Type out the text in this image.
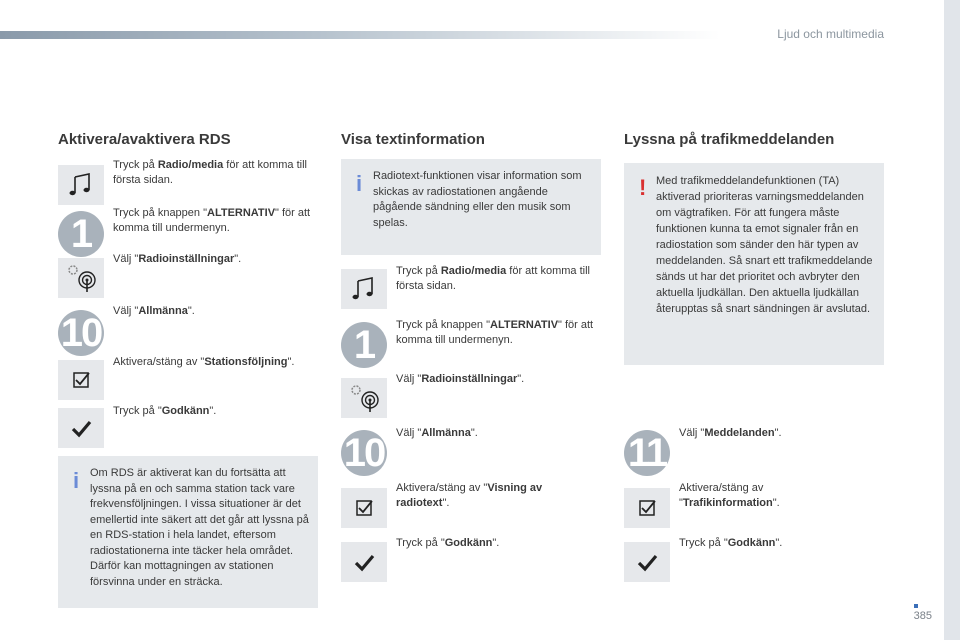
Ljud och multimedia
Aktivera/avaktivera RDS
Tryck på Radio/media för att komma till första sidan.
1	Tryck på knappen "ALTERNATIV" för att komma till undermenyn.
Välj "Radioinställningar".
10 Välj "Allmänna".
Aktivera/stäng av "Stationsföljning".
Tryck på "Godkänn".
i Om RDS är aktiverat kan du fortsätta att lyssna på en och samma station tack vare frekvensföljningen. I vissa situationer är det emellertid inte säkert att det går att lyssna på en RDS-station i hela landet, eftersom radiostationerna inte täcker hela området. Därför kan mottagningen av stationen försvinna under en sträcka.
Visa textinformation
i Radiotext-funktionen visar information som skickas av radiostationen angående pågående sändning eller den musik som spelas.
Tryck på Radio/media för att komma till första sidan.
1	Tryck på knappen "ALTERNATIV" för att komma till undermenyn.
Välj "Radioinställningar".
10 Välj "Allmänna".
Aktivera/stäng av "Visning av radiotext".
Tryck på "Godkänn".
Lyssna på trafikmeddelanden
! Med trafikmeddelandefunktionen (TA) aktiverad prioriteras varningsmeddelanden om vägtrafiken. För att fungera måste funktionen kunna ta emot signaler från en radiostation som sänder den här typen av meddelanden. Så snart ett trafikmeddelande sänds ut har det prioritet och avbryter den aktuella ljudkällan. Den aktuella ljudkällan återupptas så snart sändningen är avslutad.
11	Välj "Meddelanden".
Aktivera/stäng av "Trafikinformation".
Tryck på "Godkänn".
385
